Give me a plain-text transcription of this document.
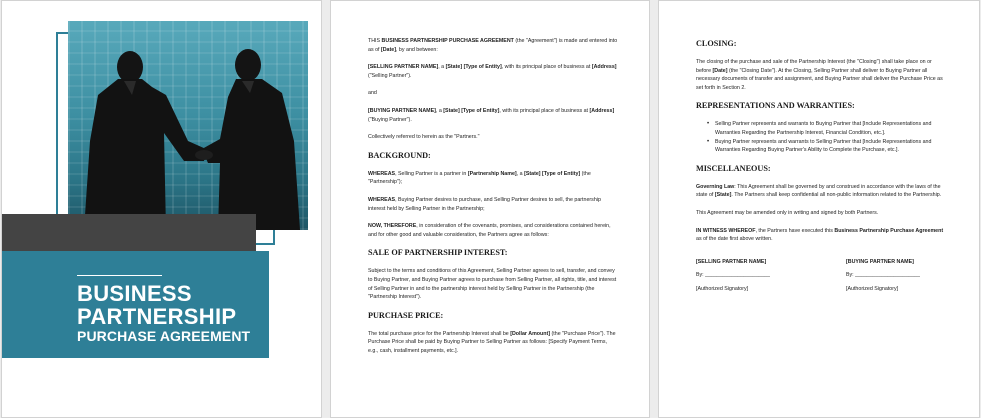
BUSINESS
PARTNERSHIP
PURCHASE AGREEMENT

THIS BUSINESS PARTNERSHIP PURCHASE AGREEMENT (the "Agreement") is made and entered into as of [Date], by and between:

[SELLING PARTNER NAME], a [State] [Type of Entity], with its principal place of business at [Address] ("Selling Partner").

and

[BUYING PARTNER NAME], a [State] [Type of Entity], with its principal place of business at [Address] ("Buying Partner").

Collectively referred to herein as the "Partners."

BACKGROUND:

WHEREAS, Selling Partner is a partner in [Partnership Name], a [State] [Type of Entity] (the "Partnership");

WHEREAS, Buying Partner desires to purchase, and Selling Partner desires to sell, the partnership interest held by Selling Partner in the Partnership;

NOW, THEREFORE, in consideration of the covenants, promises, and considerations contained herein, and for other good and valuable consideration, the Partners agree as follows:

SALE OF PARTNERSHIP INTEREST:

Subject to the terms and conditions of this Agreement, Selling Partner agrees to sell, transfer, and convey to Buying Partner, and Buying Partner agrees to purchase from Selling Partner, all rights, title, and interest of Selling Partner in and to the partnership interest held by Selling Partner in the Partnership (the "Partnership Interest").

PURCHASE PRICE:

The total purchase price for the Partnership Interest shall be [Dollar Amount] (the "Purchase Price"). The Purchase Price shall be paid by Buying Partner to Selling Partner as follows: [Specify Payment Terms, e.g., cash, installment payments, etc.].

CLOSING:

The closing of the purchase and sale of the Partnership Interest (the "Closing") shall take place on or before [Date] (the "Closing Date"). At the Closing, Selling Partner shall deliver to Buying Partner all necessary documents of transfer and assignment, and Buying Partner shall deliver the Purchase Price as set forth in Section 2.

REPRESENTATIONS AND WARRANTIES:
• Selling Partner represents and warrants to Buying Partner that [Include Representations and Warranties Regarding the Partnership Interest, Financial Condition, etc.].
• Buying Partner represents and warrants to Selling Partner that [Include Representations and Warranties Regarding Buying Partner's Ability to Complete the Purchase, etc.].
MISCELLANEOUS:

Governing Law: This Agreement shall be governed by and construed in accordance with the laws of the state of [State]. The Partners shall keep confidential all non-public information related to the Partnership.

This Agreement may be amended only in writing and signed by both Partners.

IN WITNESS WHEREOF, the Partners have executed this Business Partnership Purchase Agreement as of the date first above written.

[SELLING PARTNER NAME]
By: ______________________
[Authorized Signatory]
[BUYING PARTNER NAME]
By: ______________________
[Authorized Signatory]
